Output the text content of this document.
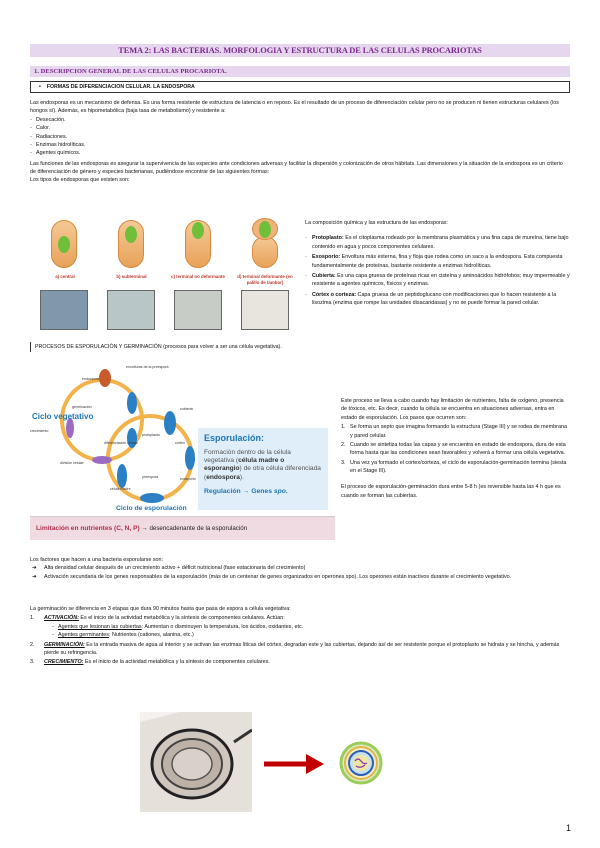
TEMA 2: LAS BACTERIAS. MORFOLOGIA Y ESTRUCTURA DE LAS CELULAS PROCARIOTAS
1. DESCRIPCION GENERAL DE LAS CELULAS PROCARIOTA.
• FORMAS DE DIFERENCIACION CELULAR. LA ENDOSPORA

Las endosporas es un mecanismo de defensa. Es una forma resistente de estructura de latencia o en reposo. Es el resultado de un proceso de diferenciación celular pero no se producen ni tienen estructuras celulares (los hongos sí). Además, es hipometabólica (baja tasa de metabolismo) y resistente a:

- Desecación.
- Calor.
- Radiaciones.
- Enzimas hidrolíticas.
- Agentes químicos.

Las funciones de las endosporas es asegurar la supervivencia de las especies ante condiciones adversas y facilitar la dispersión y colonización de otros hábitats. Las dimensiones y la situación de la endospora es un criterio de diferenciación de género y especies bacterianas, pudiéndose encontrar de las siguientes formas:

Los tipos de endosporas que existen son:

a) central	b) subterminal	c) terminal no deformante	d) terminal deformante (en palillo de tambor)

La composición química y las estructura de las endosporas:

· Protoplasto: Es el citoplasma rodeado por la membrana plasmática y una fina capa de mureína, tiene bajo contenido en agua y pocos componentes celulares.
· Exosporio: Envoltura más externa, fina y floja que rodea como un saco a la endospora. Esta compuesta fundamentalmente de proteínas, bastante resistente a enzimas hidrolíticas.
· Cubierta: Es una capa gruesa de proteínas ricas en cisteína y aminoácidos hidrófobos; muy impermeable y resistente a agentes químicos, físicos y enzimas.
· Córtex o corteza: Capa gruesa de un peptidoglucano con modificaciones que lo hacen resistente a la lisozima (enzima que rompe las unidades disacaridasas) y no se puede formar la pared celular.
PROCESOS DE ESPORULACIÓN Y GERMINACIÓN (procesos para volver a ser una célula vegetativa).
Ciclo vegetativo
Ciclo de esporulación
endospora
germinación
crecimiento
división celular
diferenciación celular
célula madre
protoplasto
preespora
cubierta
córtex
exosporio
envolturas de la preespora
Esporulación:
Formación dentro de la célula vegetativa (célula madre o esporangio) de otra célula diferenciada (endospora).
Regulación → Genes spo.
Limitación en nutrientes (C, N, P) → desencadenante de la esporulación

Este proceso se lleva a cabo cuando hay limitación de nutrientes, falta de oxígeno, presencia de tóxicos, etc. Es decir, cuando la célula se encuentra en situaciones adversas, entra en estado de esporulación. Los pasos que ocurren son:

1. Se forma un septo que imagina formando la estructura (Stage III) y se rodea de membrana y pared celular.
2. Cuando se sintetiza todas las capas y se encuentra en estado de endospora, dura de esta forma hasta que las condiciones sean favorables y volverá a formar una célula vegetativa.
3. Una vez ya formado el cortex/corteza, el ciclo de esporulación-germinación termina (siesta en el Stage III).

El proceso de esporulación-germinación dura entre 5-8 h (es reversible hasta las 4 h que es cuando se forman las cubiertas.

Los factores que hacen a una bacteria esporularse son:

➔ Alta densidad celular después de un crecimiento activo + déficit nutricional (fase estacionaria del crecimiento)
➔ Activación secundaria de los genes responsables de la esporulación (más de un centenar de genes organizados en operones spo). Los operones están inactivos durante el crecimiento vegetativo.

La germinación se diferencia en 3 etapas que dura 90 minutos hasta que pasa de espora a célula vegetativa:

1. ACTIVACIÓN: Es el inicio de la actividad metabólica y la síntesis de componentes celulares. Actúan:
- Agentes que lesionan las cubiertas: Aumentan o disminuyen la temperatura, los ácidos, oxidantes, etc.
- Agentes germinantes; Nutrientes (cationes, alanina, etc.)
2. GERMINACIÓN: Es la entrada masiva de agua al interior y se activan las enzimas líticas del córtex, degradan este y las cubiertas, dejando así de ser resistente porque el protoplasto se hidrata y se hincha, y además pierde su refringencia.
3. CRECIMIENTO: Es el inicio de la actividad metabólica y la síntesis de componentes celulares.
1
